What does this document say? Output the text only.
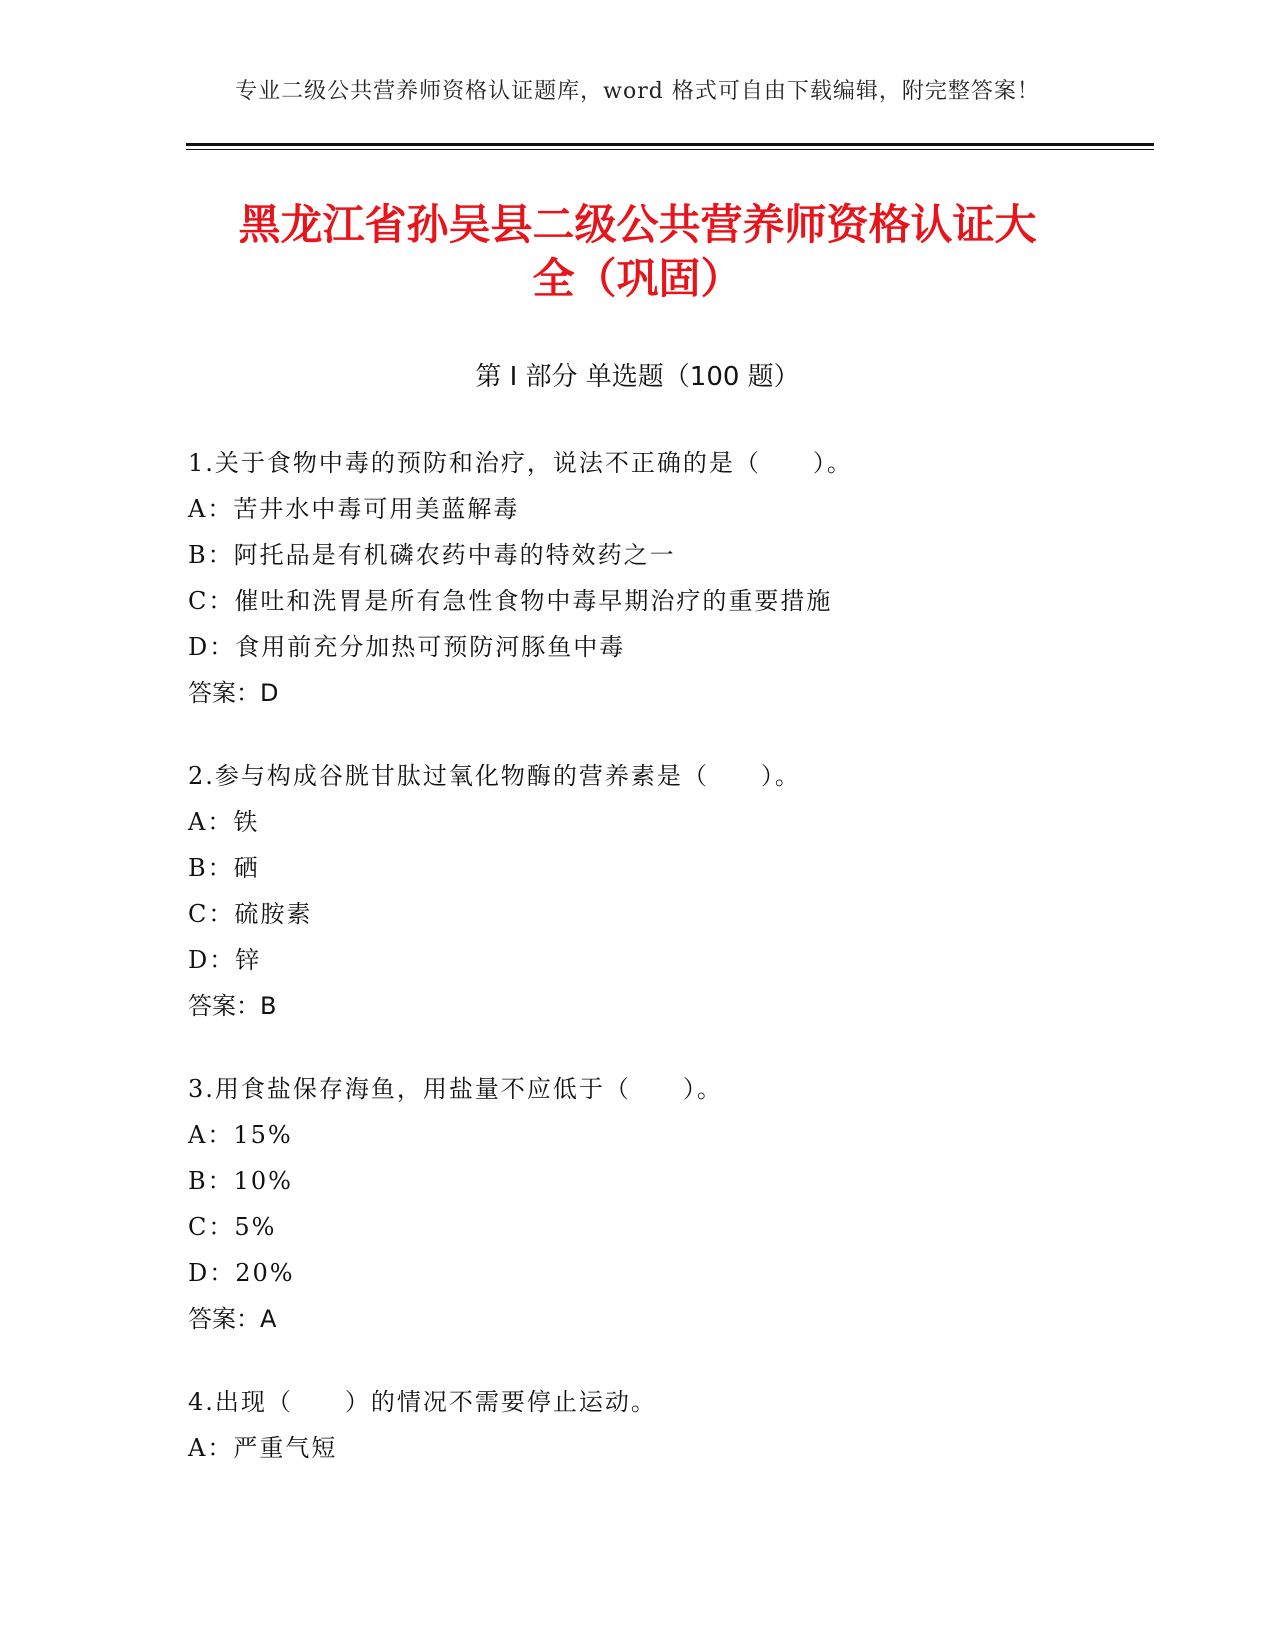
专业二级公共营养师资格认证题库，word 格式可自由下载编辑，附完整答案！
黑龙江省孙吴县二级公共营养师资格认证大
全（巩固）
第 I 部分 单选题（100 题）
1.关于食物中毒的预防和治疗，说法不正确的是（　　）。
A：苦井水中毒可用美蓝解毒
B：阿托品是有机磷农药中毒的特效药之一
C：催吐和洗胃是所有急性食物中毒早期治疗的重要措施
D：食用前充分加热可预防河豚鱼中毒
答案：D
2.参与构成谷胱甘肽过氧化物酶的营养素是（　　）。
A：铁
B：硒
C：硫胺素
D：锌
答案：B
3.用食盐保存海鱼，用盐量不应低于（　　）。
A：15%
B：10%
C：5%
D：20%
答案：A
4.出现（　　）的情况不需要停止运动。
A：严重气短
